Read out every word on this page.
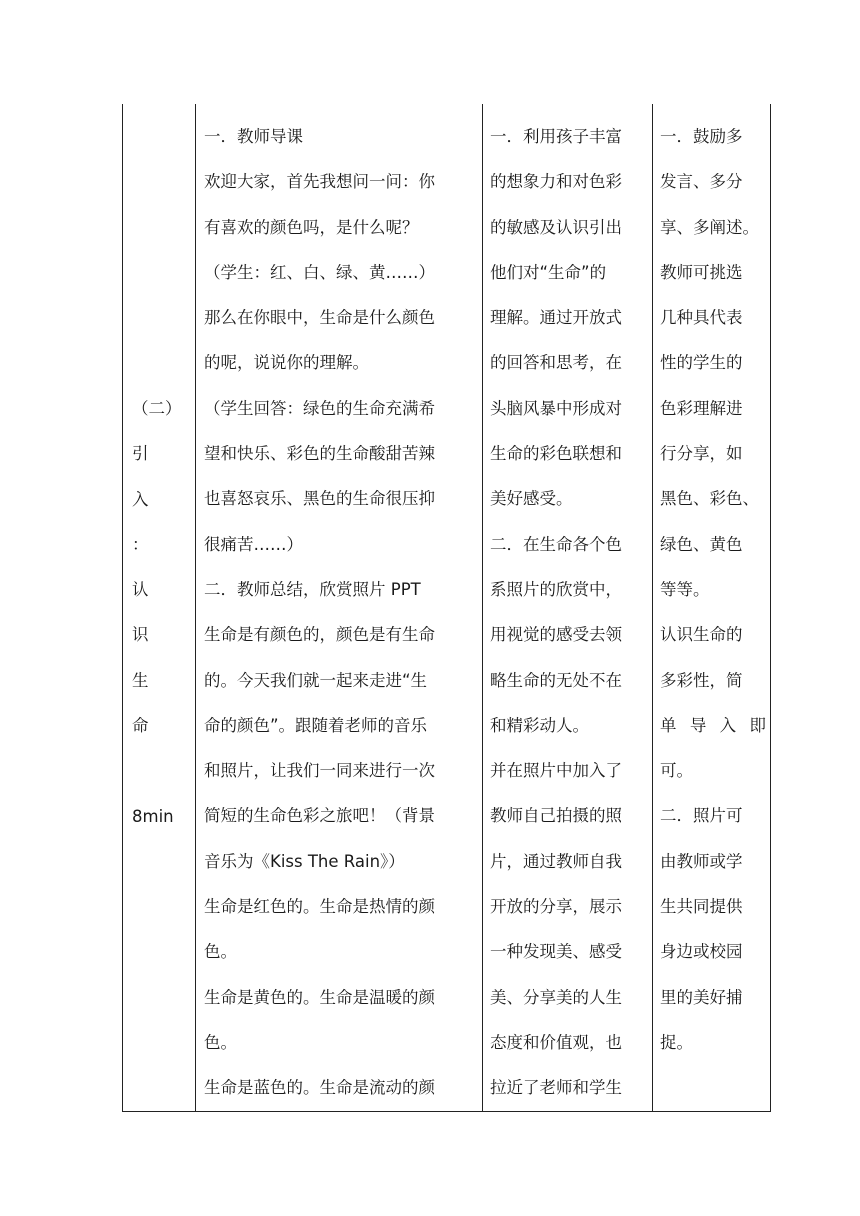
（二）
引
入
：
认
识
生
命
8min

一．教师导课
欢迎大家，首先我想问一问：你
有喜欢的颜色吗，是什么呢？
（学生：红、白、绿、黄……）
那么在你眼中，生命是什么颜色
的呢，说说你的理解。
（学生回答：绿色的生命充满希
望和快乐、彩色的生命酸甜苦辣
也喜怒哀乐、黑色的生命很压抑
很痛苦……）
二．教师总结，欣赏照片 PPT
生命是有颜色的，颜色是有生命
的。今天我们就一起来走进“生
命的颜色”。跟随着老师的音乐
和照片，让我们一同来进行一次
简短的生命色彩之旅吧！（背景
音乐为《Kiss The Rain》）
生命是红色的。生命是热情的颜
色。
生命是黄色的。生命是温暖的颜
色。
生命是蓝色的。生命是流动的颜

一．利用孩子丰富
的想象力和对色彩
的敏感及认识引出
他们对“生命”的
理解。通过开放式
的回答和思考，在
头脑风暴中形成对
生命的彩色联想和
美好感受。
二．在生命各个色
系照片的欣赏中，
用视觉的感受去领
略生命的无处不在
和精彩动人。
并在照片中加入了
教师自己拍摄的照
片，通过教师自我
开放的分享，展示
一种发现美、感受
美、分享美的人生
态度和价值观，也
拉近了老师和学生

一．鼓励多
发言、多分
享、多阐述。
教师可挑选
几种具代表
性的学生的
色彩理解进
行分享，如
黑色、彩色、
绿色、黄色
等等。
认识生命的
多彩性，简
单导入即
可。
二．照片可
由教师或学
生共同提供
身边或校园
里的美好捕
捉。
